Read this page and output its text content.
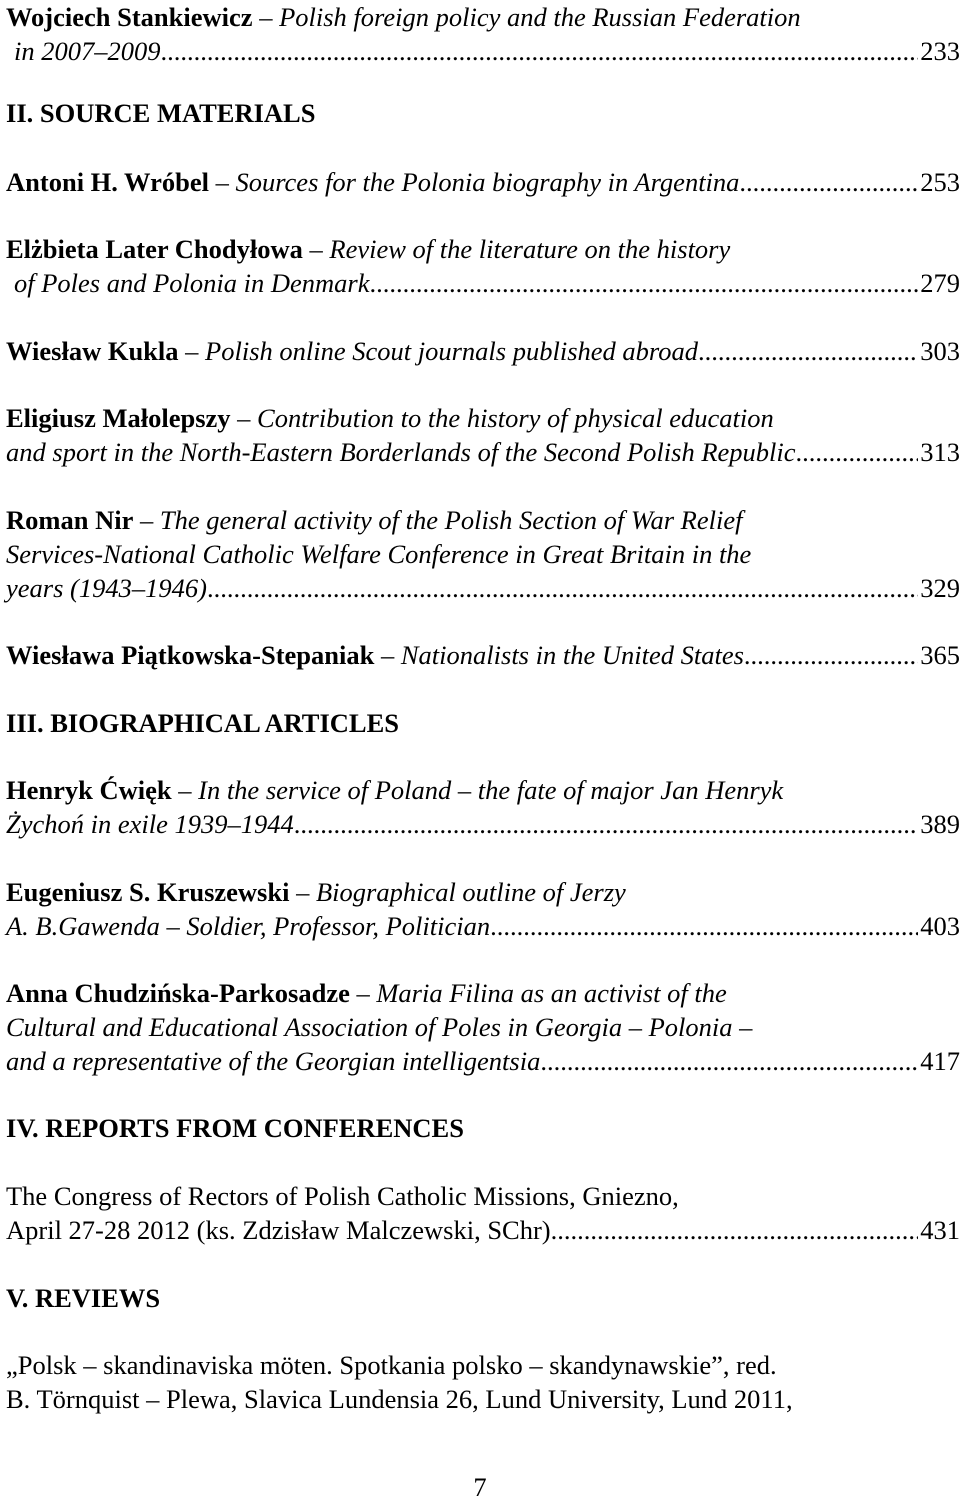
Wojciech Stankiewicz – Polish foreign policy and the Russian Federation
in 2007–2009 .....	233
II. SOURCE MATERIALS
Antoni H. Wróbel – Sources for the Polonia biography in Argentina .....	253
Elżbieta Later Chodyłowa – Review of the literature on the history
of Poles and Polonia in Denmark .....	279
Wiesław Kukla – Polish online Scout journals published abroad .....	303
Eligiusz Małolepszy – Contribution to the history of physical education
and sport in the North-Eastern Borderlands of the Second Polish Republic .....	313
Roman Nir – The general activity of the Polish Section of War Relief
Services-National Catholic Welfare Conference in Great Britain in the
years (1943–1946) .....	329
Wiesława Piątkowska-Stepaniak – Nationalists in the United States .....	365
III. BIOGRAPHICAL ARTICLES
Henryk Ćwięk – In the service of Poland – the fate of major Jan Henryk
Żychoń in exile 1939–1944 .....	389
Eugeniusz S. Kruszewski – Biographical outline of Jerzy
A. B.Gawenda – Soldier, Professor, Politician .....	403
Anna Chudzińska-Parkosadze – Maria Filina as an activist of the
Cultural and Educational Association of Poles in Georgia – Polonia –
and a representative of the Georgian intelligentsia .....	417
IV. REPORTS FROM CONFERENCES
The Congress of Rectors of Polish Catholic Missions, Gniezno,
April 27-28 2012 (ks. Zdzisław Malczewski, SChr) .....	431
V. REVIEWS
„Polsk – skandinaviska möten. Spotkania polsko – skandynawskie”, red.
B. Törnquist – Plewa, Slavica Lundensia 26, Lund University, Lund 2011,
7
